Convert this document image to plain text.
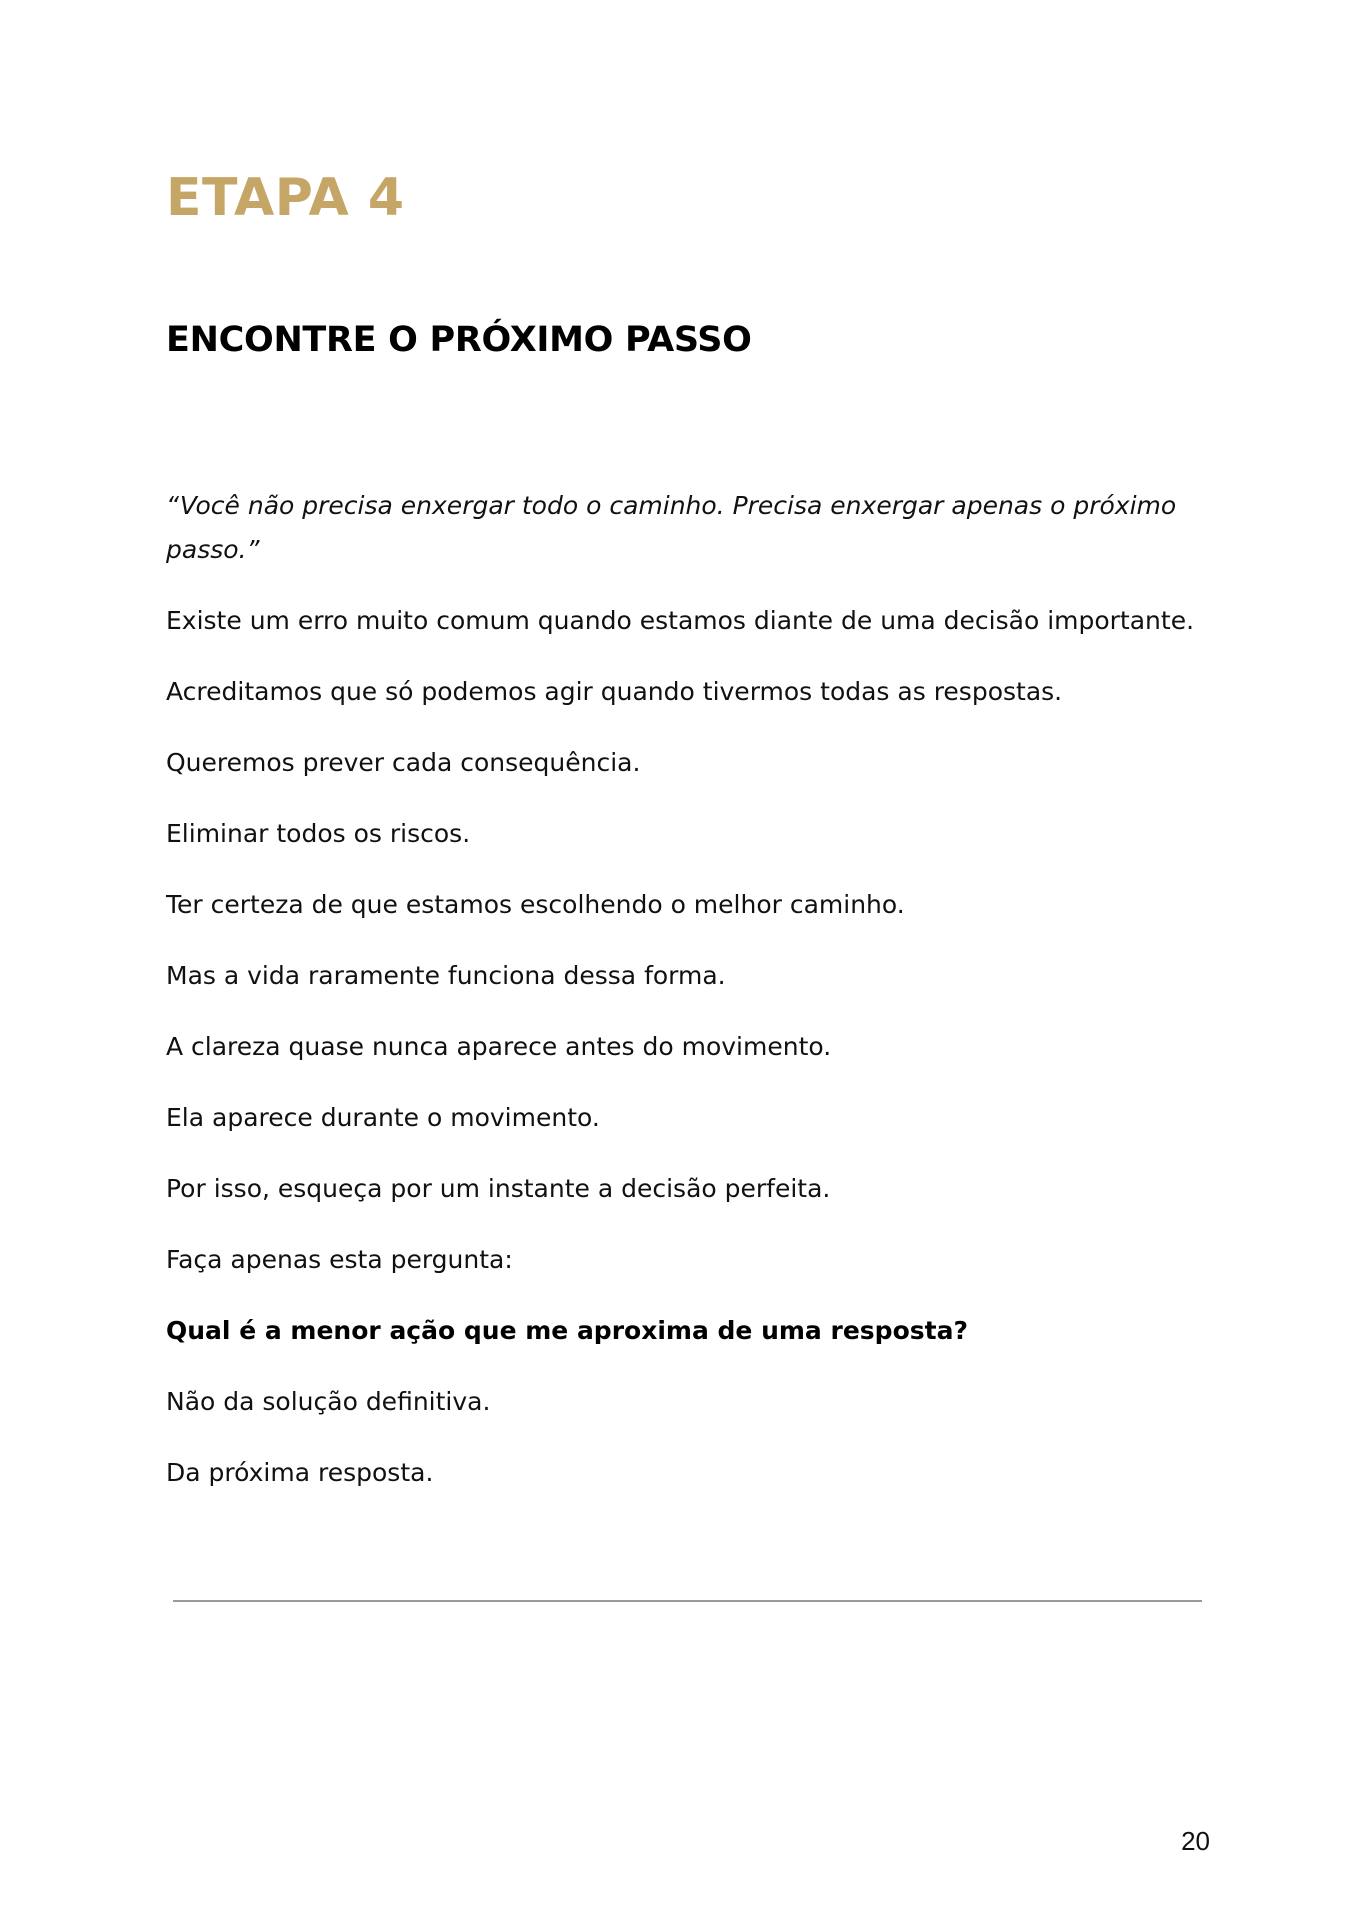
ETAPA 4
ENCONTRE O PRÓXIMO PASSO

“Você não precisa enxergar todo o caminho. Precisa enxergar apenas o próximo passo.”

Existe um erro muito comum quando estamos diante de uma decisão importante.

Acreditamos que só podemos agir quando tivermos todas as respostas.

Queremos prever cada consequência.

Eliminar todos os riscos.

Ter certeza de que estamos escolhendo o melhor caminho.

Mas a vida raramente funciona dessa forma.

A clareza quase nunca aparece antes do movimento.

Ela aparece durante o movimento.

Por isso, esqueça por um instante a decisão perfeita.

Faça apenas esta pergunta:

Qual é a menor ação que me aproxima de uma resposta?

Não da solução definitiva.

Da próxima resposta.

20
